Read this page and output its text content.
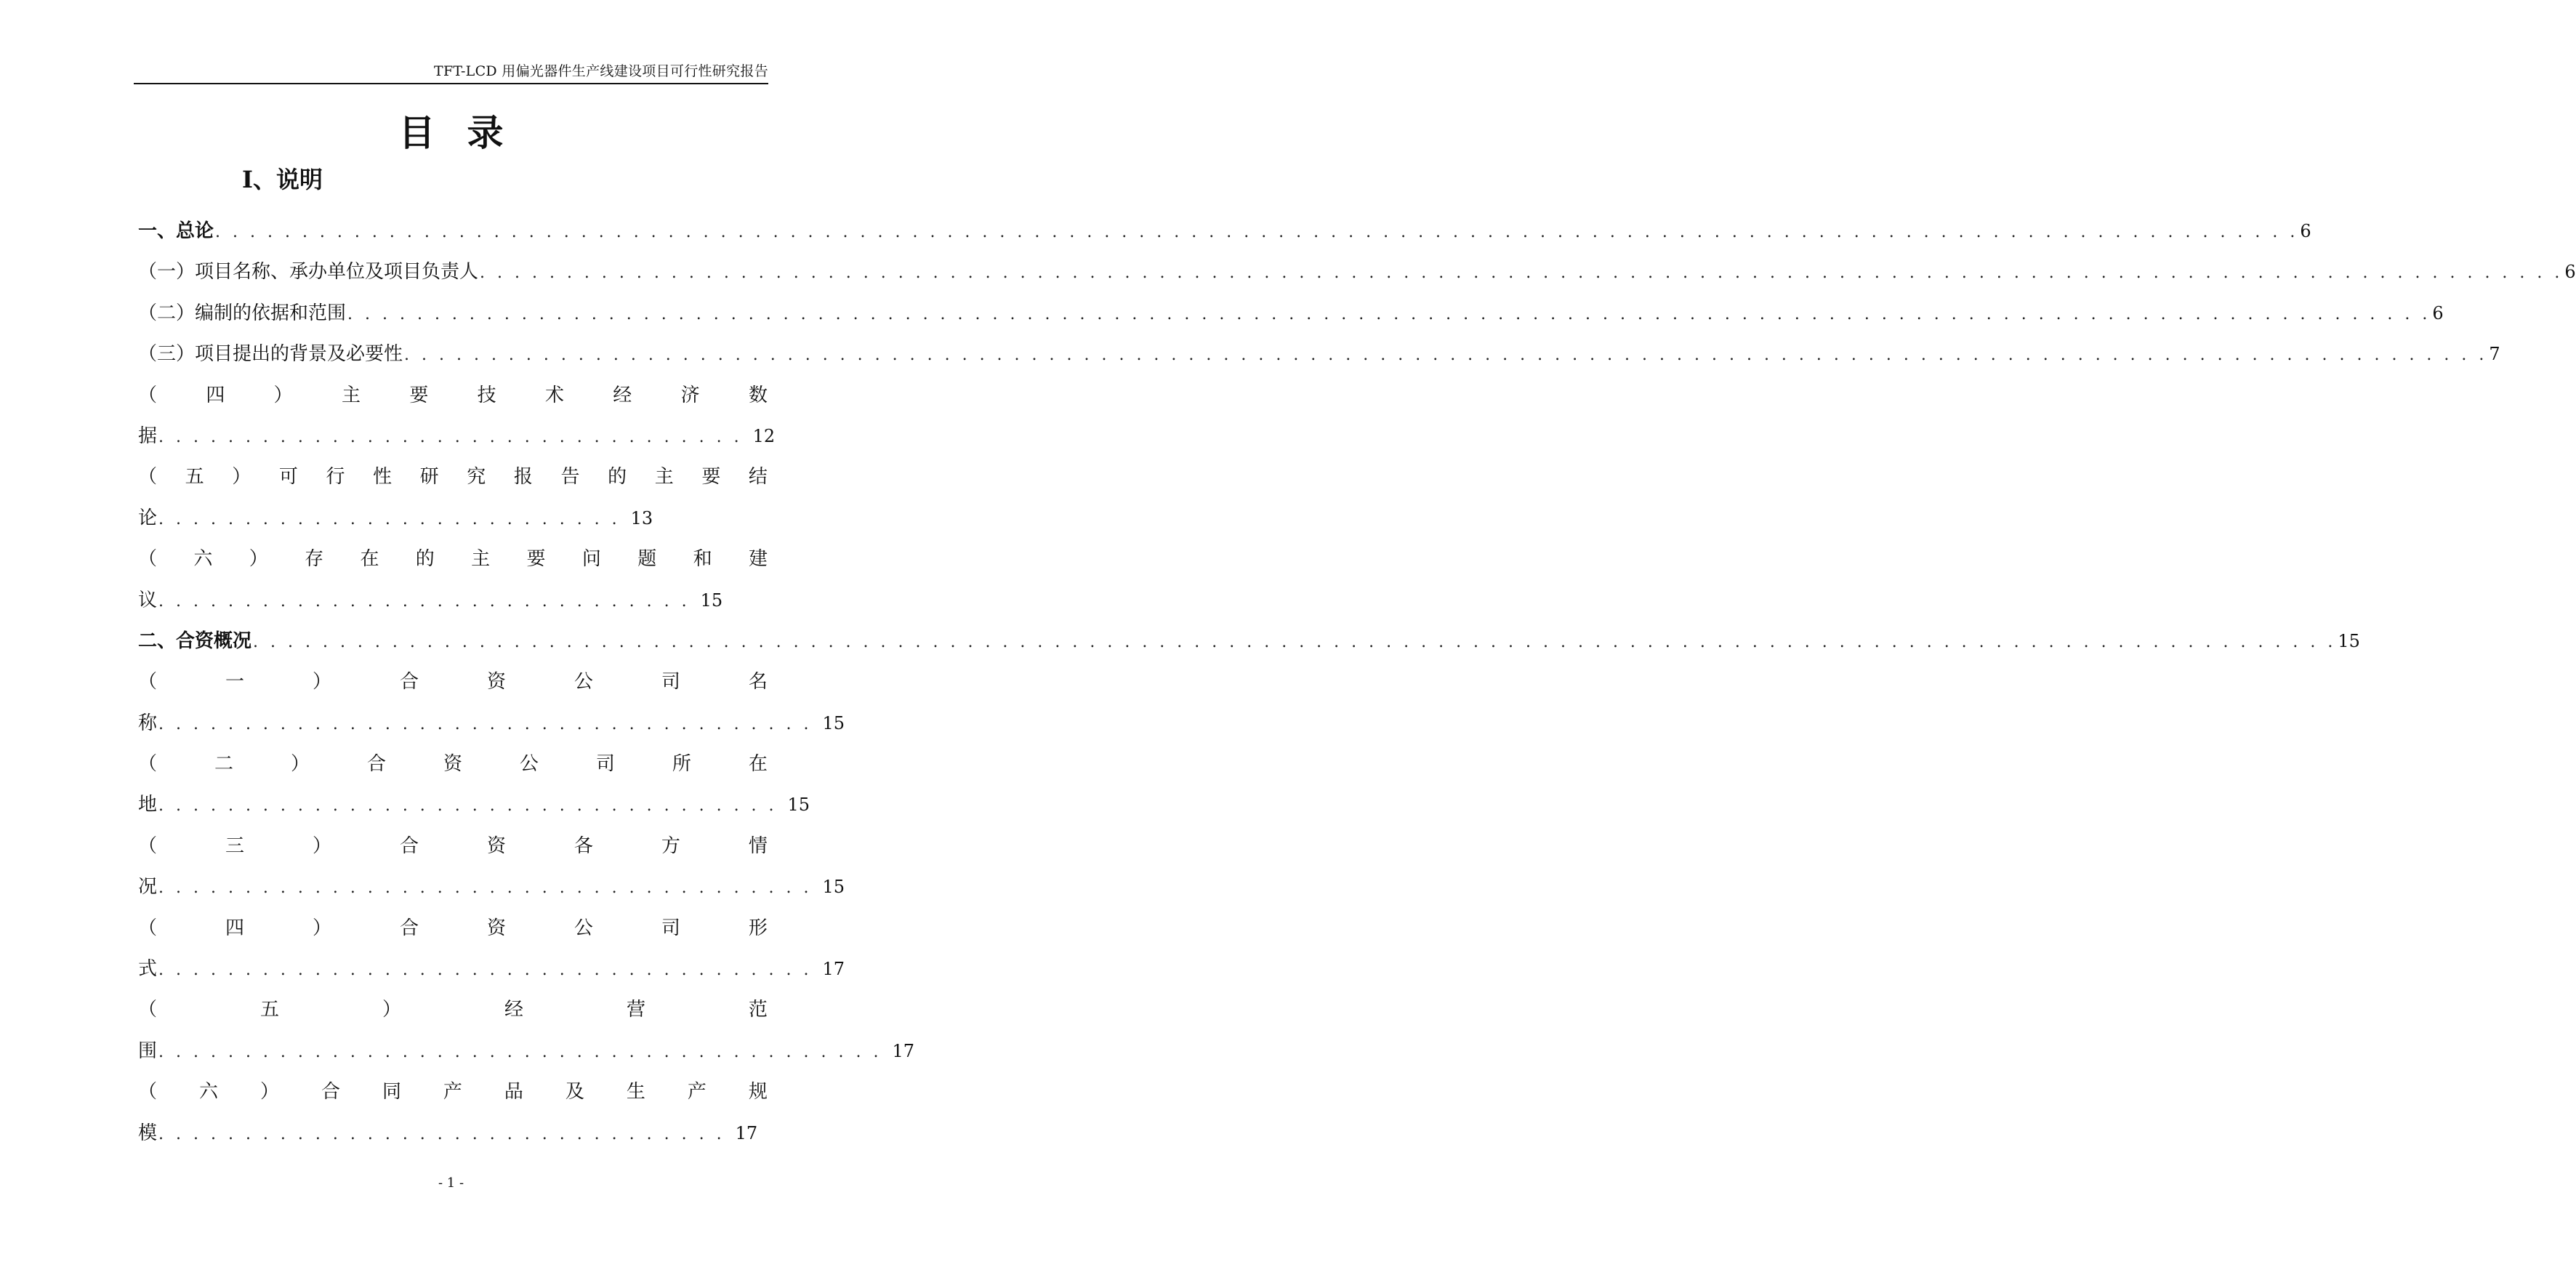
TFT-LCD 用偏光器件生产线建设项目可行性研究报告
目录
Ⅰ、说明
一、总论 . . . . . . . . . . . . . . . . . . . . . . . . . . . . . . . . . . . . . . . . . . . . . . . . . . . . . . . . . . . . . . . . . . . . . . . . . . . . . . . . . . . . . . . . . . . . . . . . . . . . . . . . . . . . . . . . . . . . . . . . 6
（一）项目名称、承办单位及项目负责人 . . . . . . . . . . . . . . . . . . . . . . . . . . . . . . . . . . . . . . . . . . . . . . . . . . . . . . . . . . . . . . . . . . . . . . . . . . . . . . . . . . . . . . . . . . . . . . . . . . . . . . . . . . . . . . . . . . . . . . . . 6
（二）编制的依据和范围 . . . . . . . . . . . . . . . . . . . . . . . . . . . . . . . . . . . . . . . . . . . . . . . . . . . . . . . . . . . . . . . . . . . . . . . . . . . . . . . . . . . . . . . . . . . . . . . . . . . . . . . . . . . . . . . . . . . . . . . . 6
（三）项目提出的背景及必要性 . . . . . . . . . . . . . . . . . . . . . . . . . . . . . . . . . . . . . . . . . . . . . . . . . . . . . . . . . . . . . . . . . . . . . . . . . . . . . . . . . . . . . . . . . . . . . . . . . . . . . . . . . . . . . . . . . . . . . . . . 7
（	四	）	主	要	技	术	经	济	数
据 . . . . . . . . . . . . . . . . . . . . . . . . . . . . . . . . . . 12
（ 五 ） 可 行 性 研 究 报 告 的 主 要 结
论 . . . . . . . . . . . . . . . . . . . . . . . . . . . 13
（ 六 ） 存 在 的 主 要 问 题 和 建
议 . . . . . . . . . . . . . . . . . . . . . . . . . . . . . . . 15
二、合资概况 . . . . . . . . . . . . . . . . . . . . . . . . . . . . . . . . . . . . . . . . . . . . . . . . . . . . . . . . . . . . . . . . . . . . . . . . . . . . . . . . . . . . . . . . . . . . . . . . . . . . . . . . . . . . . . . . . . . . . . . . 15
（	一	）	合	资	公	司	名
称 . . . . . . . . . . . . . . . . . . . . . . . . . . . . . . . . . . . . . . 15
（	二	）	合	资	公	司	所	在
地 . . . . . . . . . . . . . . . . . . . . . . . . . . . . . . . . . . . . 15
（	三	）	合	资	各	方	情
况 . . . . . . . . . . . . . . . . . . . . . . . . . . . . . . . . . . . . . . 15
（	四	）	合	资	公	司	形
式 . . . . . . . . . . . . . . . . . . . . . . . . . . . . . . . . . . . . . . 17
（	五	）	经	营	范
围 . . . . . . . . . . . . . . . . . . . . . . . . . . . . . . . . . . . . . . . . . . 17
（ 六 ） 合 同 产 品 及 生 产 规
模 . . . . . . . . . . . . . . . . . . . . . . . . . . . . . . . . . 17
- 1 -
